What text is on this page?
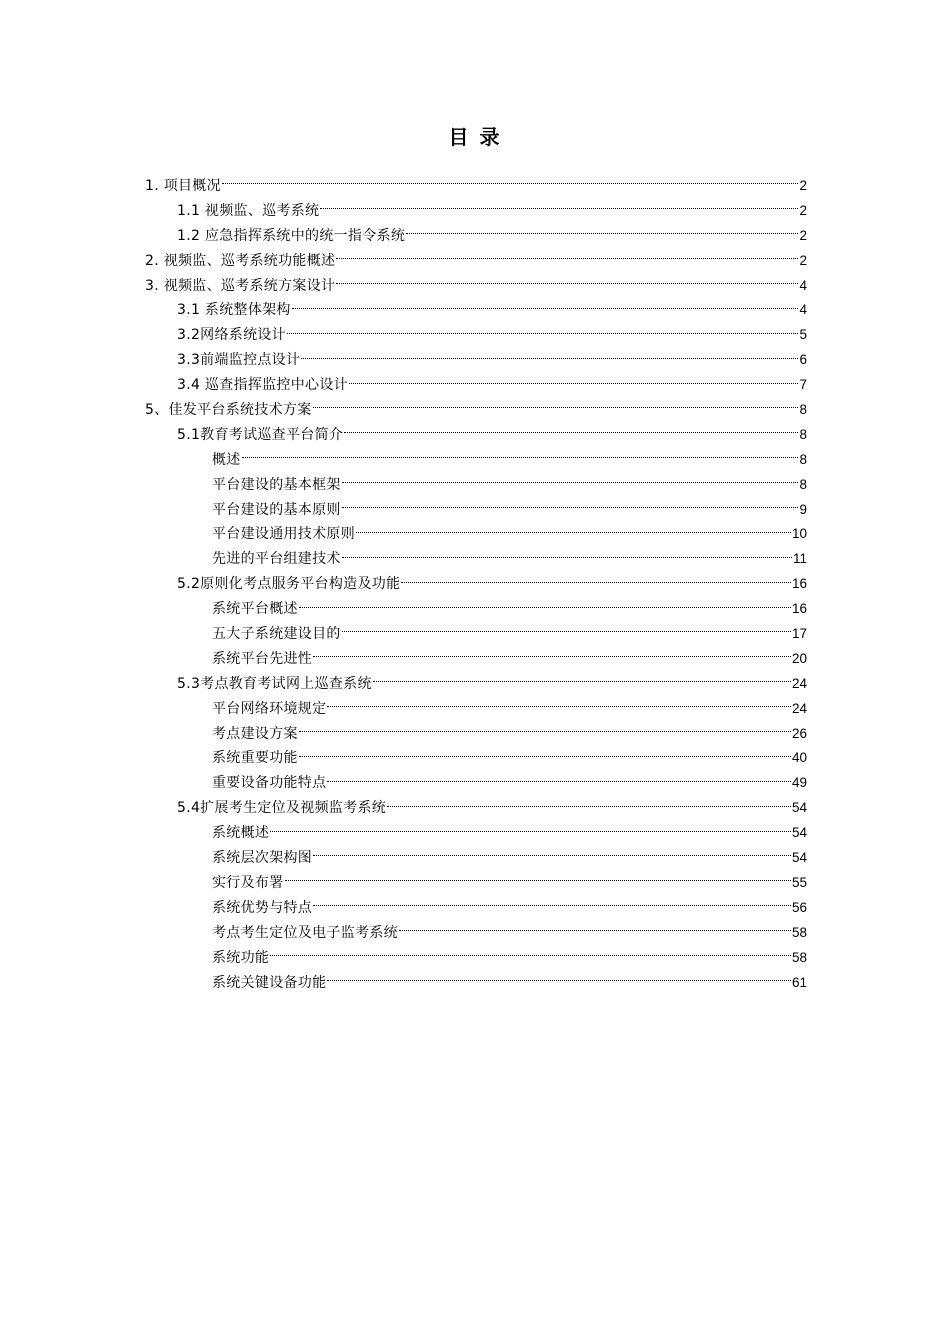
目 录
1. 项目概况	2
1.1 视频监、巡考系统	2
1.2 应急指挥系统中的统一指令系统	2
2. 视频监、巡考系统功能概述	2
3. 视频监、巡考系统方案设计	4
3.1 系统整体架构	4
3.2网络系统设计	5
3.3前端监控点设计	6
3.4 巡查指挥监控中心设计	7
5、佳发平台系统技术方案	8
5.1教育考试巡查平台简介	8
概述	8
平台建设的基本框架	8
平台建设的基本原则	9
平台建设通用技术原则	10
先进的平台组建技术	11
5.2原则化考点服务平台构造及功能	16
系统平台概述	16
五大子系统建设目的	17
系统平台先进性	20
5.3考点教育考试网上巡查系统	24
平台网络环境规定	24
考点建设方案	26
系统重要功能	40
重要设备功能特点	49
5.4扩展考生定位及视频监考系统	54
系统概述	54
系统层次架构图	54
实行及布署	55
系统优势与特点	56
考点考生定位及电子监考系统	58
系统功能	58
系统关键设备功能	61
